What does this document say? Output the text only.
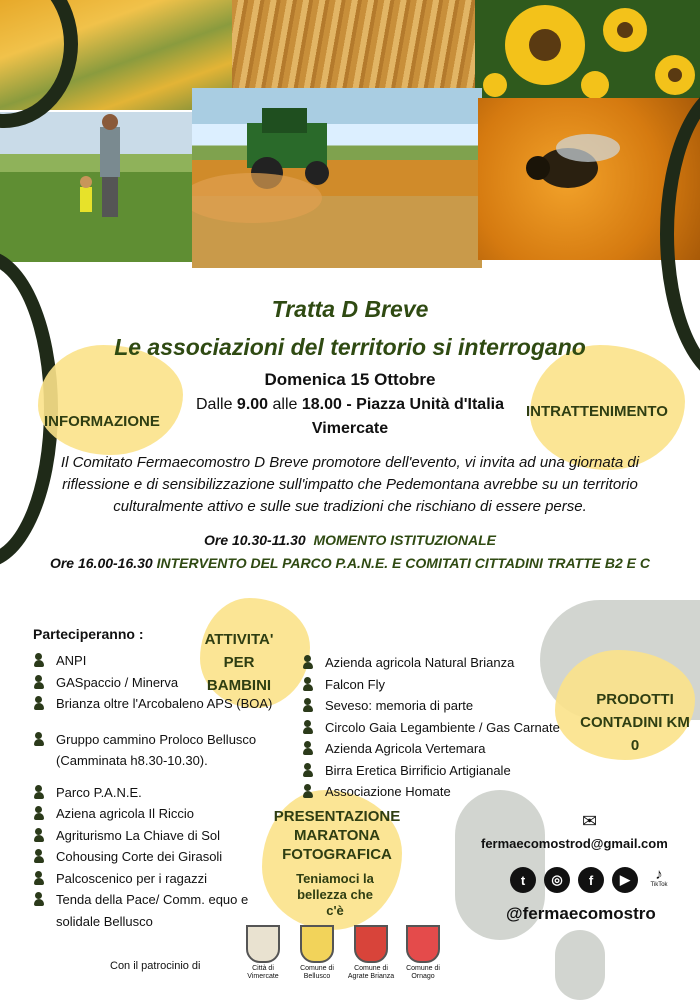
Tratta D Breve
Le associazioni del territorio si interrogano
Domenica 15 Ottobre
Dalle 9.00 alle 18.00 - Piazza Unità d'Italia
Vimercate
INFORMAZIONE
INTRATTENIMENTO
Il Comitato Fermaecomostro D Breve promotore dell'evento, vi invita ad una giornata di riflessione e di sensibilizzazione sull'impatto che Pedemontana avrebbe su un territorio culturalmente attivo e sulle sue tradizioni che rischiano di essere perse.
Ore 10.30-11.30 MOMENTO ISTITUZIONALE
Ore 16.00-16.30 INTERVENTO DEL PARCO P.A.N.E. E COMITATI CITTADINI TRATTE B2 E C
Parteciperanno :
ANPI
GASpaccio / Minerva
Brianza oltre l'Arcobaleno APS (BOA)
Gruppo cammino Proloco Bellusco (Camminata h8.30-10.30).
Parco P.A.N.E.
Aziena agricola Il Riccio
Agriturismo La Chiave di Sol
Cohousing Corte dei Girasoli
Palcoscenico per i ragazzi
Tenda della Pace/ Comm. equo e solidale Bellusco
Azienda agricola Natural Brianza
Falcon Fly
Seveso: memoria di parte
Circolo Gaia Legambiente / Gas Carnate
Azienda Agricola Vertemara
Birra Eretica Birrificio Artigianale
Associazione Homate
ATTIVITA' PER BAMBINI
PRODOTTI CONTADINI KM 0
PRESENTAZIONE MARATONA FOTOGRAFICA
Teniamoci la bellezza che c'è
✉
fermaecomostrod@gmail.com
t	◎	f	▶	♪
TikTok
@fermaecomostro
Con il patrocinio di	Città di Vimercate
Comune di Bellusco
Comune di Agrate Brianza
Comune di Ornago
